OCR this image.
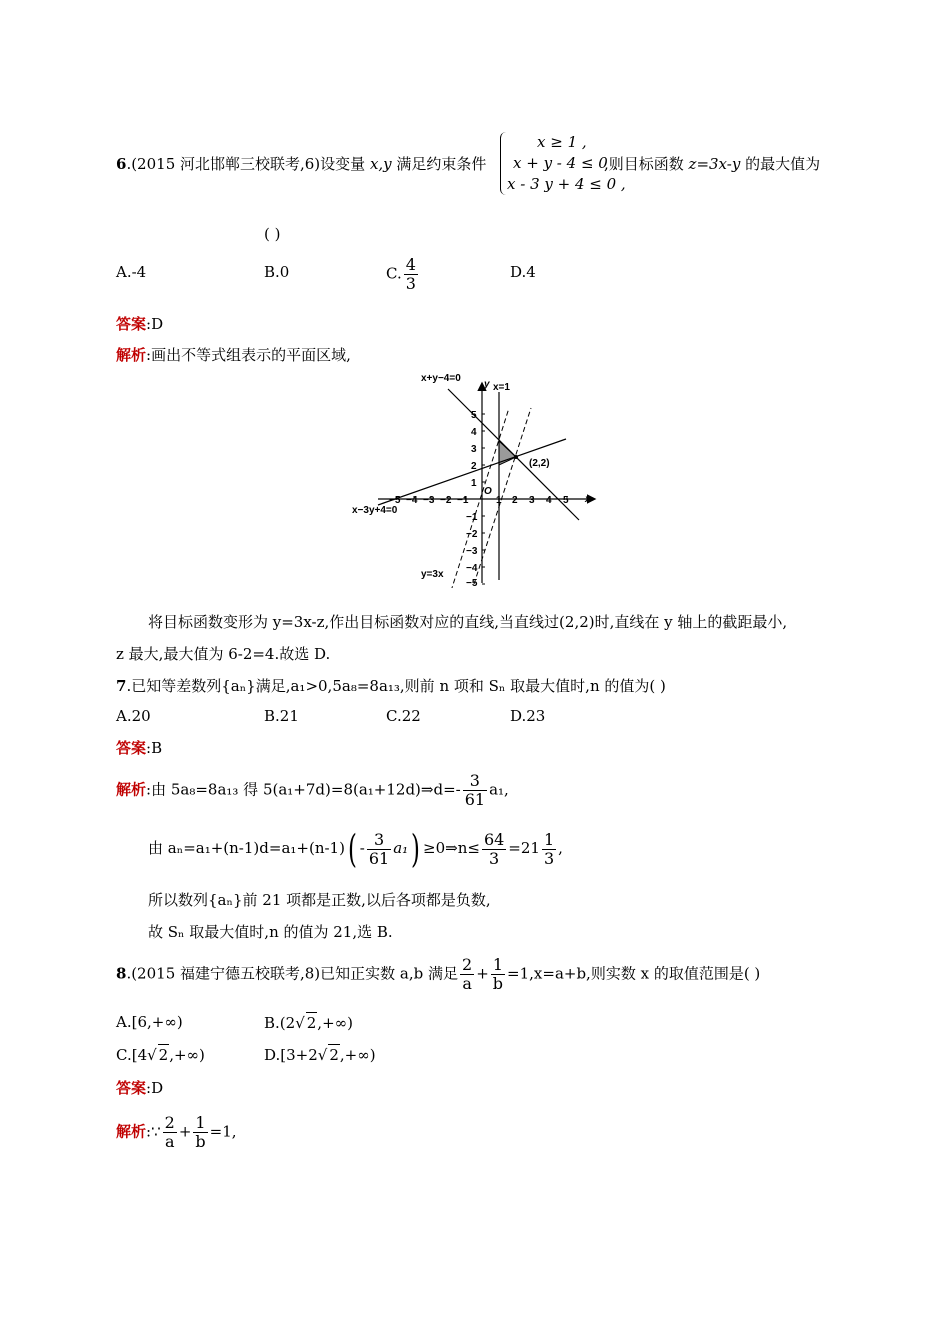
6.(2015 河北邯郸三校联考,6)设变量 x,y 满足约束条件
x ≥ 1 ,
x + y - 4 ≤ 0 ,
x - 3 y + 4 ≤ 0 ,
,则目标函数 z=3x-y 的最大值为
( )
A.-4	B.0	C. $\frac{4}{3}$	D.4
答案:D
解析:画出不等式组表示的平面区域,
x+y−4=0
y x=1
(2,2)
O
x
x−3y+4=0
y=3x
−5 −4 −3 −2 −1	1 2 3 4 5
5
4
3
2
1
−1
−2
−3
−4
−5
将目标函数变形为 y=3x-z,作出目标函数对应的直线,当直线过(2,2)时,直线在 y 轴上的截距最小,
z 最大,最大值为 6-2=4.故选 D.
7.已知等差数列{aₙ}满足,a₁>0,5a₈=8a₁₃,则前 n 项和 Sₙ 取最大值时,n 的值为( )
A.20	B.21	C.22	D.23
答案:B
解析:由 5a₈=8a₁₃ 得 5(a₁+7d)=8(a₁+12d)⇒d=- $\frac{3}{61} a_1$,
由 $a_n=a_1+(n-1)d=a_1+(n-1)( - \frac{3}{61} a_1)$ ≥0⇒n≤ $\frac{64}{3} =21 \frac{1}{3}$ ,
所以数列{aₙ}前 21 项都是正数,以后各项都是负数,
故 Sₙ 取最大值时,n 的值为 21,选 B.
8.(2015 福建宁德五校联考,8)已知正实数 a,b 满足 $\frac{2}{a} + \frac{1}{b} =1,x=a+b$,则实数 x 的取值范围是( )
A.[6,+∞)	B.(2√ 2,+∞)
C.[4√ 2,+∞)	D.[3+2√ 2,+∞)
答案:D
解析:∵ $\frac{2}{a} + \frac{1}{b} =1$,
